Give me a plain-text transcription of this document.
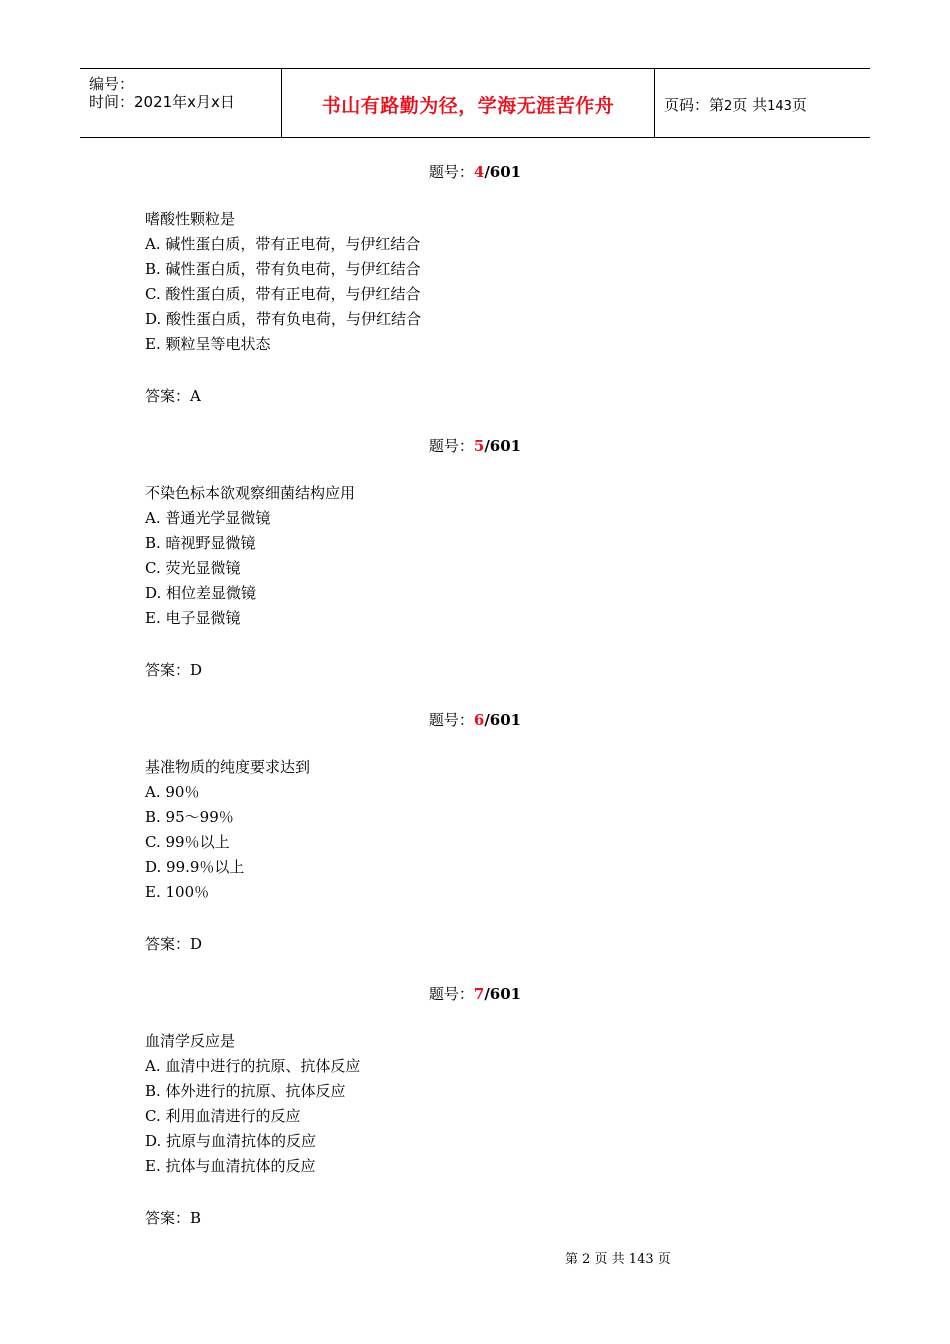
编号：
时间：2021年x月x日	书山有路勤为径，学海无涯苦作舟	页码：第2页 共143页
题号：4/601
嗜酸性颗粒是
A. 碱性蛋白质，带有正电荷，与伊红结合
B. 碱性蛋白质，带有负电荷，与伊红结合
C. 酸性蛋白质，带有正电荷，与伊红结合
D. 酸性蛋白质，带有负电荷，与伊红结合
E. 颗粒呈等电状态
答案：A
题号：5/601
不染色标本欲观察细菌结构应用
A. 普通光学显微镜
B. 暗视野显微镜
C. 荧光显微镜
D. 相位差显微镜
E. 电子显微镜
答案：D
题号：6/601
基准物质的纯度要求达到
A. 90％
B. 95～99％
C. 99％以上
D. 99.9％以上
E. 100％
答案：D
题号：7/601
血清学反应是
A. 血清中进行的抗原、抗体反应
B. 体外进行的抗原、抗体反应
C. 利用血清进行的反应
D. 抗原与血清抗体的反应
E. 抗体与血清抗体的反应
答案：B
第 2 页 共 143 页
